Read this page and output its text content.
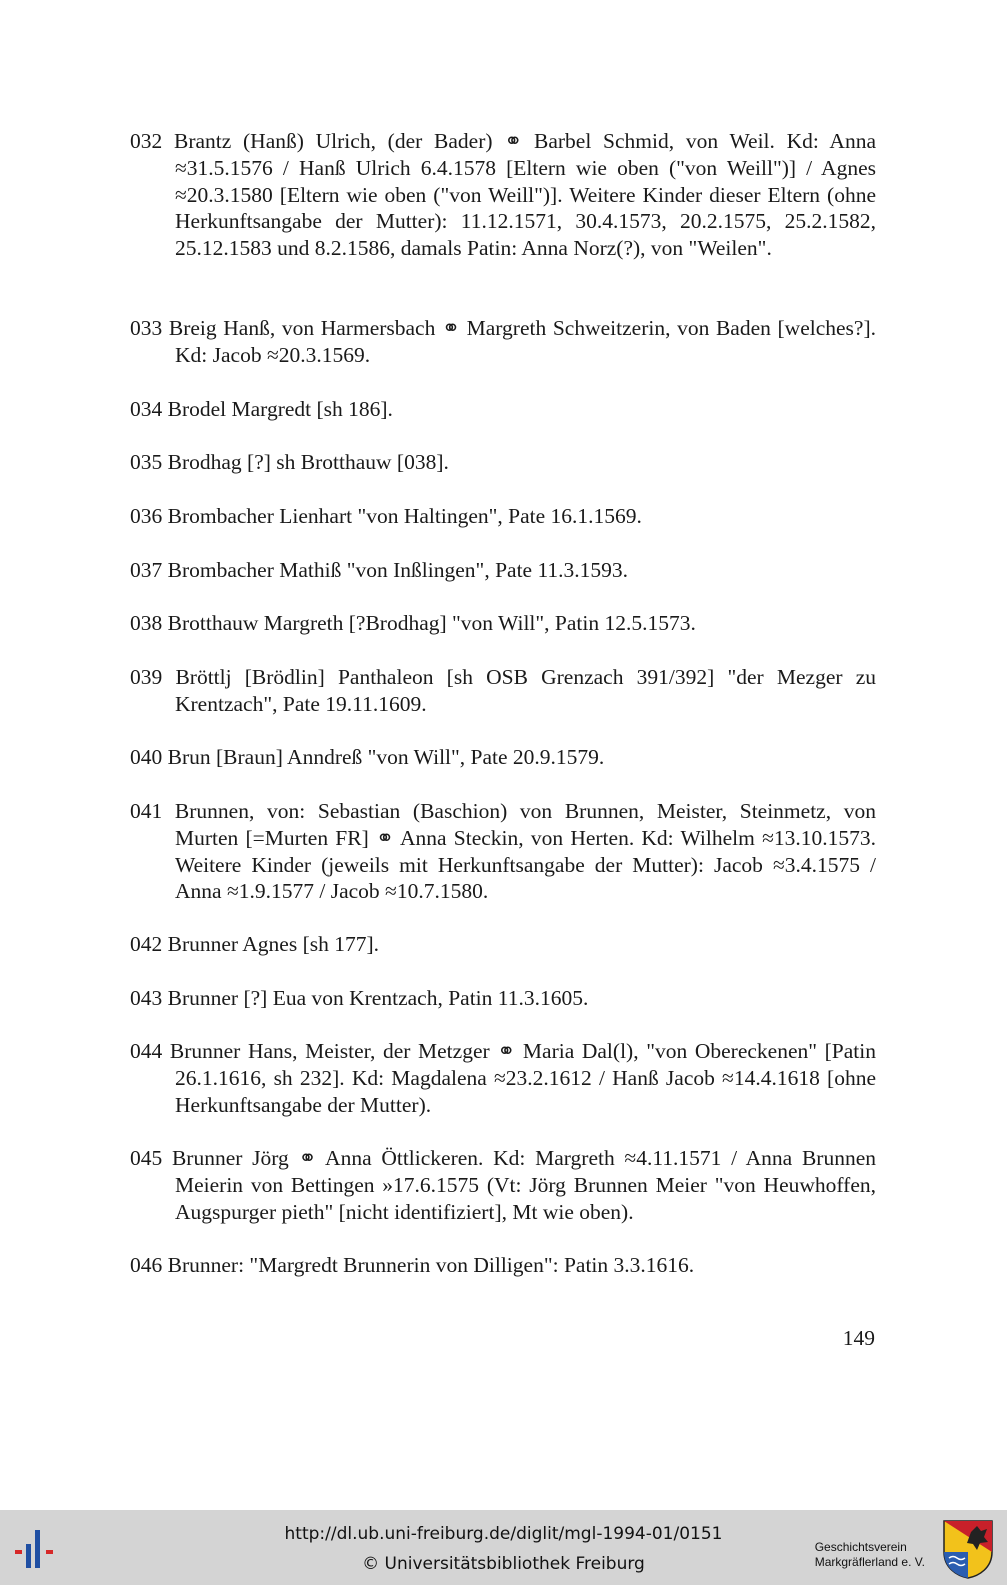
032 Brantz (Hanß) Ulrich, (der Bader) ⚭ Barbel Schmid, von Weil. Kd: Anna ≈31.5.1576 / Hanß Ulrich 6.4.1578 [Eltern wie oben ("von Weill")] / Agnes ≈20.3.1580 [Eltern wie oben ("von Weill")]. Weitere Kinder dieser Eltern (ohne Herkunftsangabe der Mutter): 11.12.1571, 30.4.1573, 20.2.1575, 25.2.1582, 25.12.1583 und 8.2.1586, damals Patin: Anna Norz(?), von "Weilen".

033 Breig Hanß, von Harmersbach ⚭ Margreth Schweitzerin, von Baden [welches?]. Kd: Jacob ≈20.3.1569.

034 Brodel Margredt [sh 186].

035 Brodhag [?] sh Brotthauw [038].

036 Brombacher Lienhart "von Haltingen", Pate 16.1.1569.

037 Brombacher Mathiß "von Inßlingen", Pate 11.3.1593.

038 Brotthauw Margreth [?Brodhag] "von Will", Patin 12.5.1573.

039 Bröttlj [Brödlin] Panthaleon [sh OSB Grenzach 391/392] "der Mezger zu Krentzach", Pate 19.11.1609.

040 Brun [Braun] Anndreß "von Will", Pate 20.9.1579.

041 Brunnen, von: Sebastian (Baschion) von Brunnen, Meister, Steinmetz, von Murten [=Murten FR] ⚭ Anna Steckin, von Herten. Kd: Wilhelm ≈13.10.1573. Weitere Kinder (jeweils mit Herkunftsangabe der Mutter): Jacob ≈3.4.1575 / Anna ≈1.9.1577 / Jacob ≈10.7.1580.

042 Brunner Agnes [sh 177].

043 Brunner [?] Eua von Krentzach, Patin 11.3.1605.

044 Brunner Hans, Meister, der Metzger ⚭ Maria Dal(l), "von Obereckenen" [Patin 26.1.1616, sh 232]. Kd: Magdalena ≈23.2.1612 / Hanß Jacob ≈14.4.1618 [ohne Herkunftsangabe der Mutter).

045 Brunner Jörg ⚭ Anna Öttlickeren. Kd: Margreth ≈4.11.1571 / Anna Brunnen Meierin von Bettingen »17.6.1575 (Vt: Jörg Brunnen Meier "von Heuwhoffen, Augspurger pieth" [nicht identifiziert], Mt wie oben).

046 Brunner: "Margredt Brunnerin von Dilligen": Patin 3.3.1616.

149
http://dl.ub.uni-freiburg.de/diglit/mgl-1994-01/0151
© Universitätsbibliothek Freiburg
Geschichtsverein
Markgräflerland e. V.
